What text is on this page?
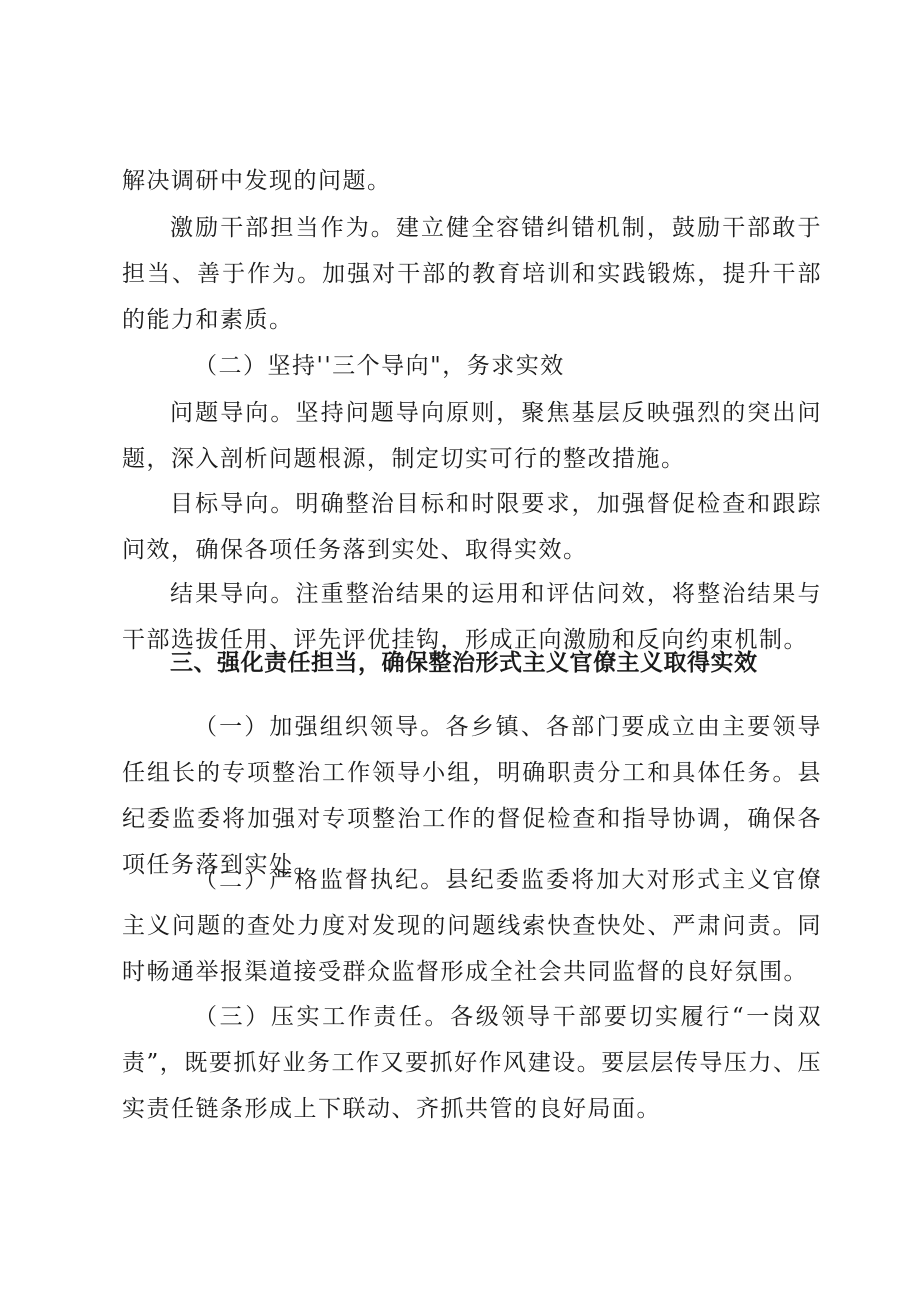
解决调研中发现的问题。

激励干部担当作为。建立健全容错纠错机制，鼓励干部敢于担当、善于作为。加强对干部的教育培训和实践锻炼，提升干部的能力和素质。

（二）坚持''三个导向"，务求实效

问题导向。坚持问题导向原则，聚焦基层反映强烈的突出问题，深入剖析问题根源，制定切实可行的整改措施。

目标导向。明确整治目标和时限要求，加强督促检查和跟踪问效，确保各项任务落到实处、取得实效。

结果导向。注重整治结果的运用和评估问效，将整治结果与干部选拔任用、评先评优挂钩，形成正向激励和反向约束机制。

三、强化责任担当，确保整治形式主义官僚主义取得实效

（一）加强组织领导。各乡镇、各部门要成立由主要领导任组长的专项整治工作领导小组，明确职责分工和具体任务。县纪委监委将加强对专项整治工作的督促检查和指导协调，确保各项任务落到实处。

（二）严格监督执纪。县纪委监委将加大对形式主义官僚主义问题的查处力度对发现的问题线索快查快处、严肃问责。同时畅通举报渠道接受群众监督形成全社会共同监督的良好氛围。

（三）压实工作责任。各级领导干部要切实履行“一岗双责”，既要抓好业务工作又要抓好作风建设。要层层传导压力、压实责任链条形成上下联动、齐抓共管的良好局面。
